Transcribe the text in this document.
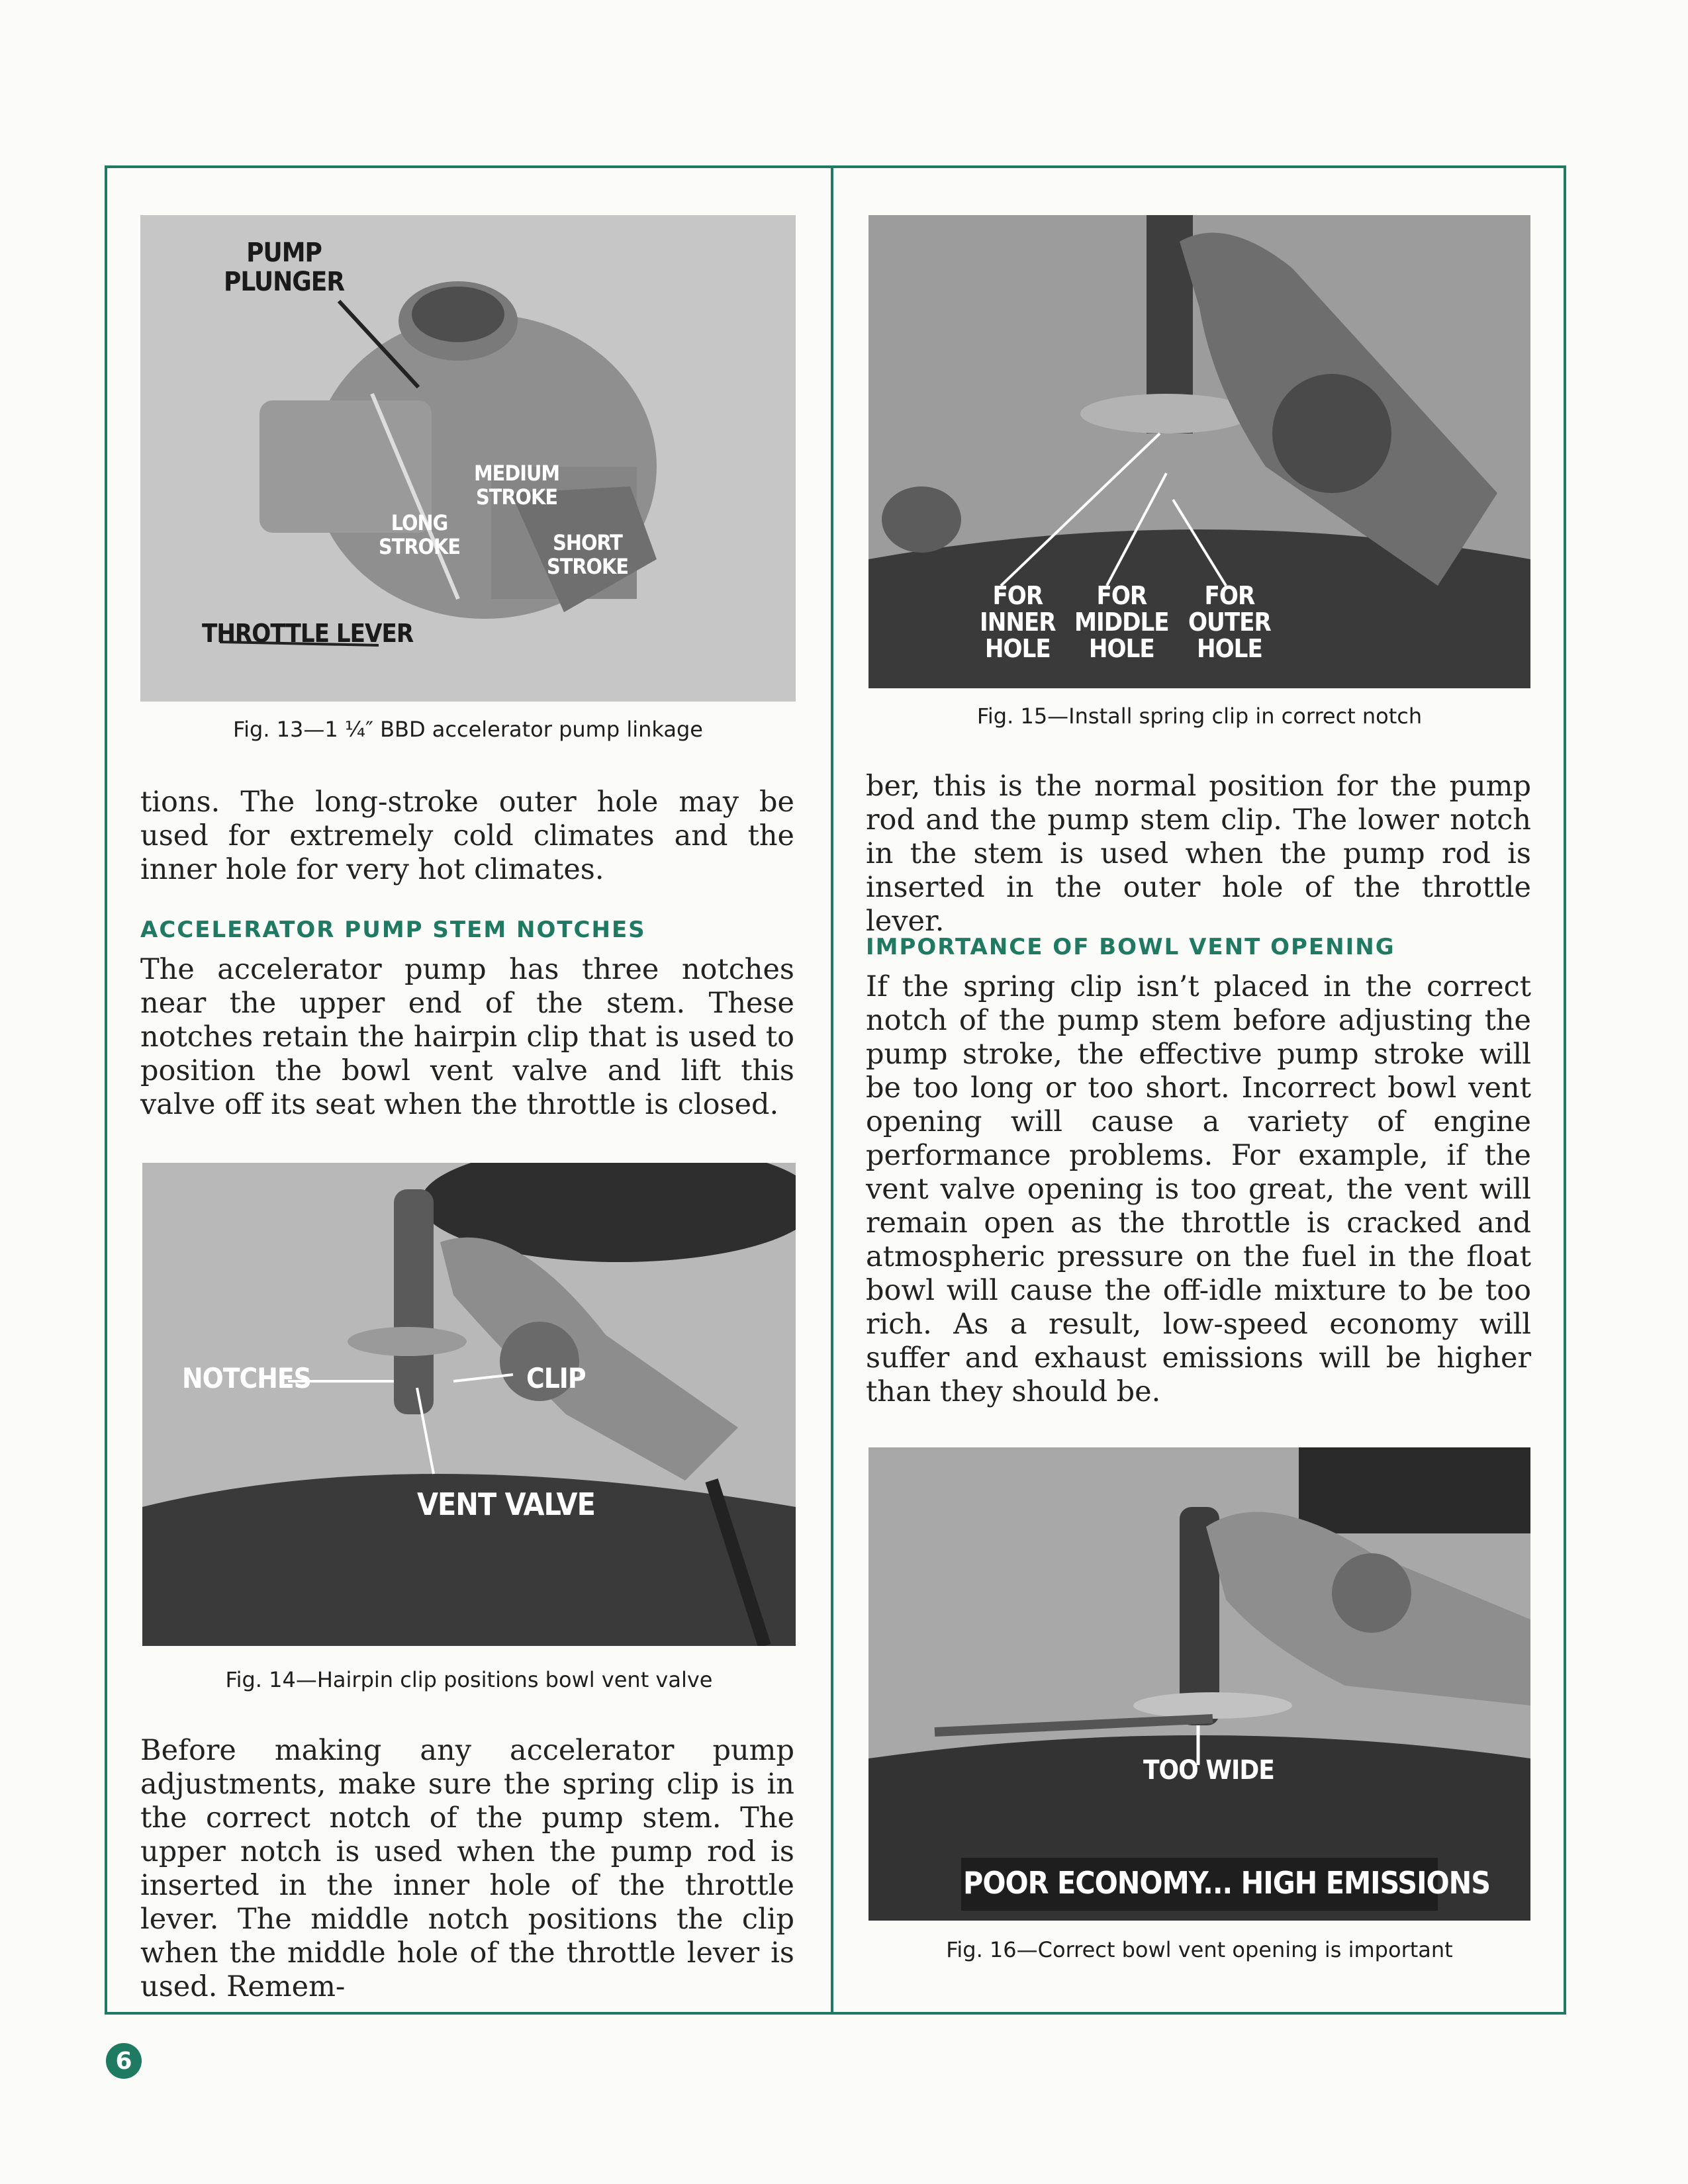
PUMP
PLUNGER
MEDIUM
STROKE
LONG
STROKE	SHORT
STROKE
THROTTLE LEVER
Fig. 13—1 ¼″ BBD accelerator pump linkage
tions. The long-stroke outer hole may be used for extremely cold climates and the inner hole for very hot climates.
ACCELERATOR PUMP STEM NOTCHES
The accelerator pump has three notches near the upper end of the stem. These notches retain the hairpin clip that is used to position the bowl vent valve and lift this valve off its seat when the throttle is closed.
NOTCHES	CLIP
VENT VALVE
Fig. 14—Hairpin clip positions bowl vent valve
Before making any accelerator pump adjustments, make sure the spring clip is in the correct notch of the pump stem. The upper notch is used when the pump rod is inserted in the inner hole of the throttle lever. The middle notch positions the clip when the middle hole of the throttle lever is used. Remem-
FOR
INNER
HOLE
FOR
MIDDLE
HOLE
FOR
OUTER
HOLE
Fig. 15—Install spring clip in correct notch
ber, this is the normal position for the pump rod and the pump stem clip. The lower notch in the stem is used when the pump rod is inserted in the outer hole of the throttle lever.
IMPORTANCE OF BOWL VENT OPENING
If the spring clip isn’t placed in the correct notch of the pump stem before adjusting the pump stroke, the effective pump stroke will be too long or too short. Incorrect bowl vent opening will cause a variety of engine performance problems. For example, if the vent valve opening is too great, the vent will remain open as the throttle is cracked and atmospheric pressure on the fuel in the float bowl will cause the off-idle mixture to be too rich. As a result, low-speed economy will suffer and exhaust emissions will be higher than they should be.
TOO WIDE
POOR ECONOMY... HIGH EMISSIONS
Fig. 16—Correct bowl vent opening is important
6
